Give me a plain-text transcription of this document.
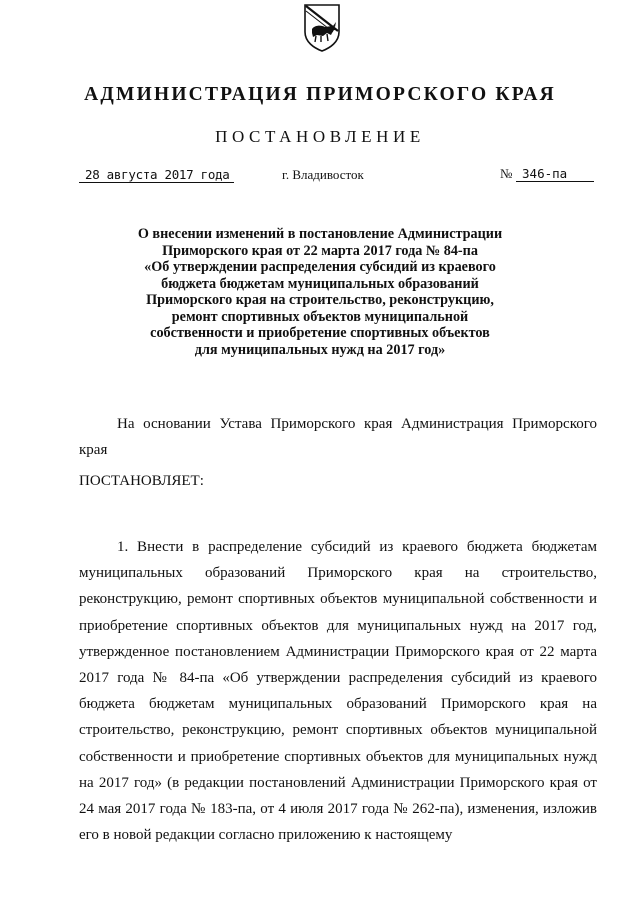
АДМИНИСТРАЦИЯ ПРИМОРСКОГО КРАЯ
ПОСТАНОВЛЕНИЕ
28 августа 2017 года	г. Владивосток	№ 346-па
О внесении изменений в постановление Администрации
Приморского края от 22 марта 2017 года № 84-па
«Об утверждении распределения субсидий из краевого
бюджета бюджетам муниципальных образований
Приморского края на строительство, реконструкцию,
ремонт спортивных объектов муниципальной
собственности и приобретение спортивных объектов
для муниципальных нужд на 2017 год»
На основании Устава Приморского края Администрация Приморского края
ПОСТАНОВЛЯЕТ:
1. Внести в распределение субсидий из краевого бюджета бюджетам муниципальных образований Приморского края на строительство, реконструкцию, ремонт спортивных объектов муниципальной собственности и приобретение спортивных объектов для муниципальных нужд на 2017 год, утвержденное постановлением Администрации Приморского края от 22 марта 2017 года № 84-па «Об утверждении распределения субсидий из краевого бюджета бюджетам муниципальных образований Приморского края на строительство, реконструкцию, ремонт спортивных объектов муниципальной собственности и приобретение спортивных объектов для муниципальных нужд на 2017 год» (в редакции постановлений Администрации Приморского края от 24 мая 2017 года № 183-па, от 4 июля 2017 года № 262-па), изменения, изложив его в новой редакции согласно приложению к настоящему
